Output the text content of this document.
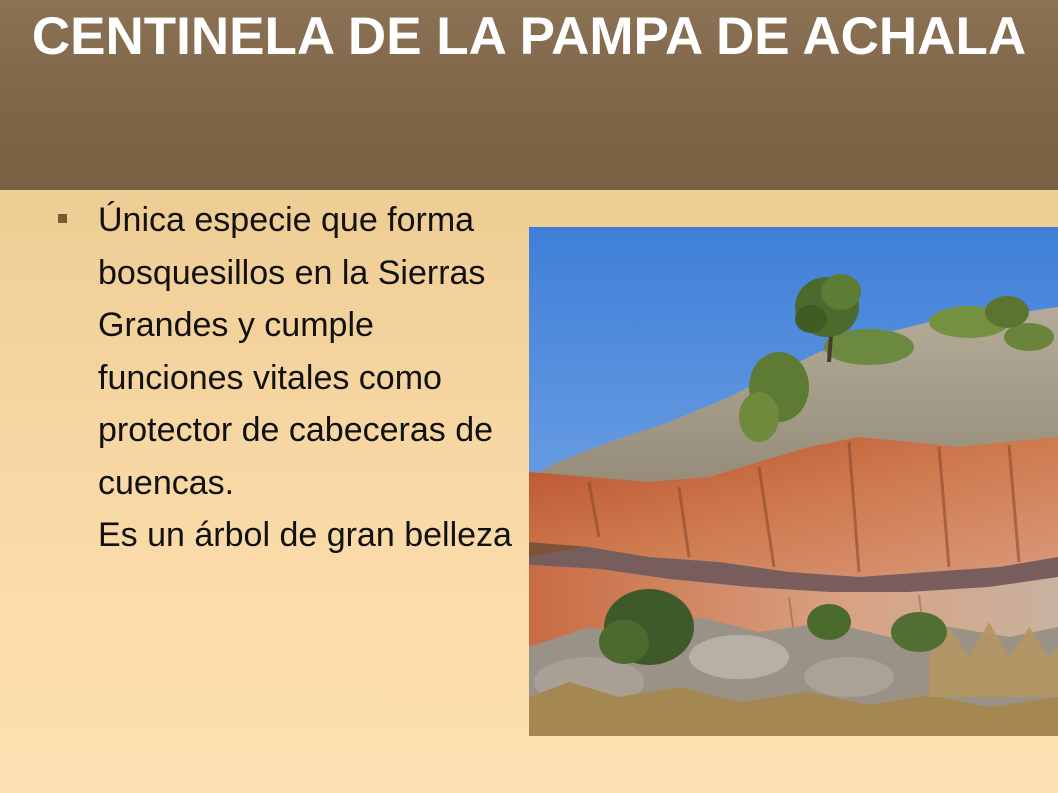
CENTINELA DE LA PAMPA DE ACHALA
Única especie que forma bosquesillos en la Sierras Grandes y cumple funciones vitales como protector de cabeceras de cuencas.
Es un árbol de gran belleza
